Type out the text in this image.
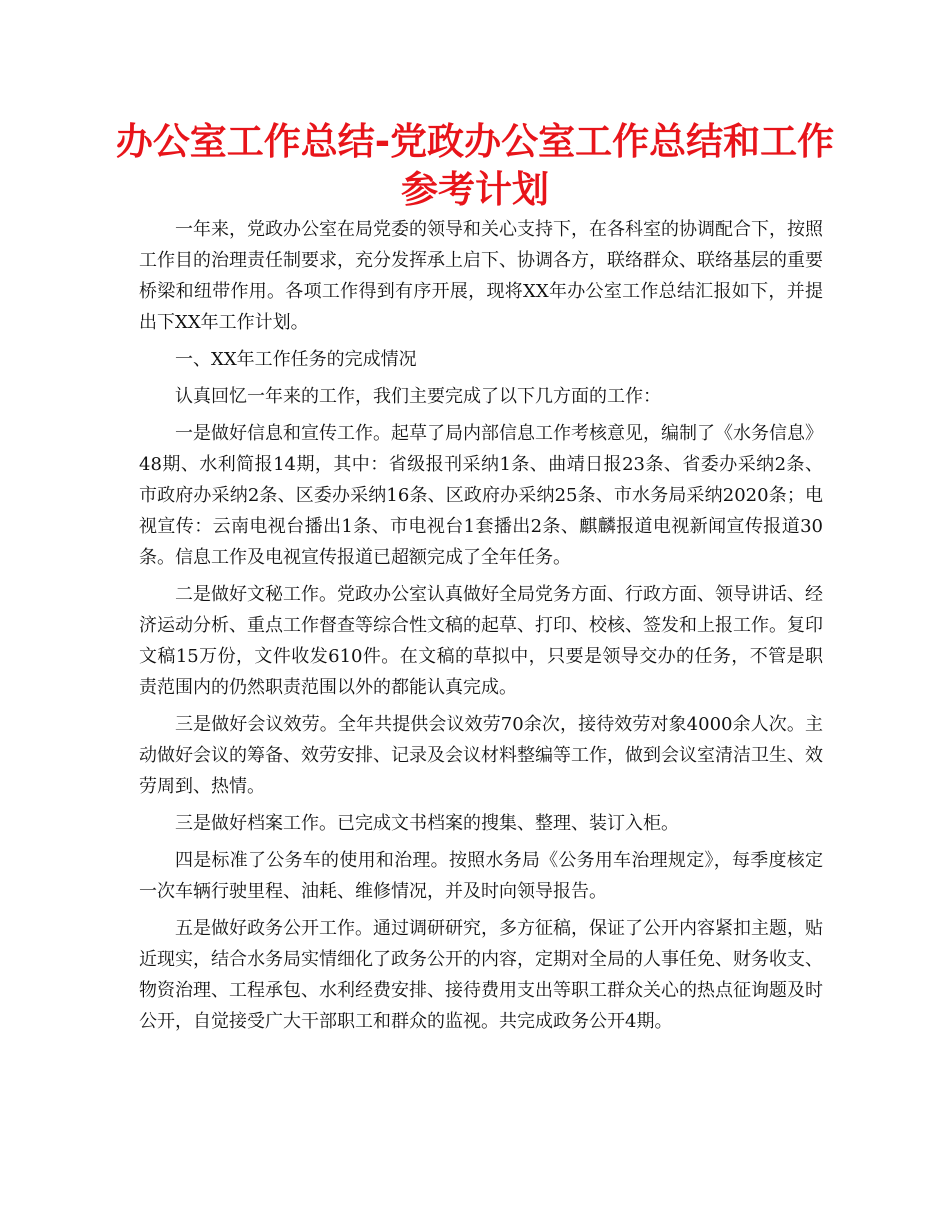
办公室工作总结-党政办公室工作总结和工作参考计划

一年来，党政办公室在局党委的领导和关心支持下，在各科室的协调配合下，按照工作目的治理责任制要求，充分发挥承上启下、协调各方，联络群众、联络基层的重要桥梁和纽带作用。各项工作得到有序开展，现将XX年办公室工作总结汇报如下，并提出下XX年工作计划。

一、XX年工作任务的完成情况

认真回忆一年来的工作，我们主要完成了以下几方面的工作：

一是做好信息和宣传工作。起草了局内部信息工作考核意见，编制了《水务信息》48期、水利简报14期，其中：省级报刊采纳1条、曲靖日报23条、省委办采纳2条、市政府办采纳2条、区委办采纳16条、区政府办采纳25条、市水务局采纳2020条；电视宣传：云南电视台播出1条、市电视台1套播出2条、麒麟报道电视新闻宣传报道30条。信息工作及电视宣传报道已超额完成了全年任务。

二是做好文秘工作。党政办公室认真做好全局党务方面、行政方面、领导讲话、经济运动分析、重点工作督查等综合性文稿的起草、打印、校核、签发和上报工作。复印文稿15万份，文件收发610件。在文稿的草拟中，只要是领导交办的任务，不管是职责范围内的仍然职责范围以外的都能认真完成。

三是做好会议效劳。全年共提供会议效劳70余次，接待效劳对象4000余人次。主动做好会议的筹备、效劳安排、记录及会议材料整编等工作，做到会议室清洁卫生、效劳周到、热情。

三是做好档案工作。已完成文书档案的搜集、整理、装订入柜。

四是标准了公务车的使用和治理。按照水务局《公务用车治理规定》，每季度核定一次车辆行驶里程、油耗、维修情况，并及时向领导报告。

五是做好政务公开工作。通过调研研究，多方征稿，保证了公开内容紧扣主题，贴近现实，结合水务局实情细化了政务公开的内容，定期对全局的人事任免、财务收支、物资治理、工程承包、水利经费安排、接待费用支出等职工群众关心的热点征询题及时公开，自觉接受广大干部职工和群众的监视。共完成政务公开4期。
